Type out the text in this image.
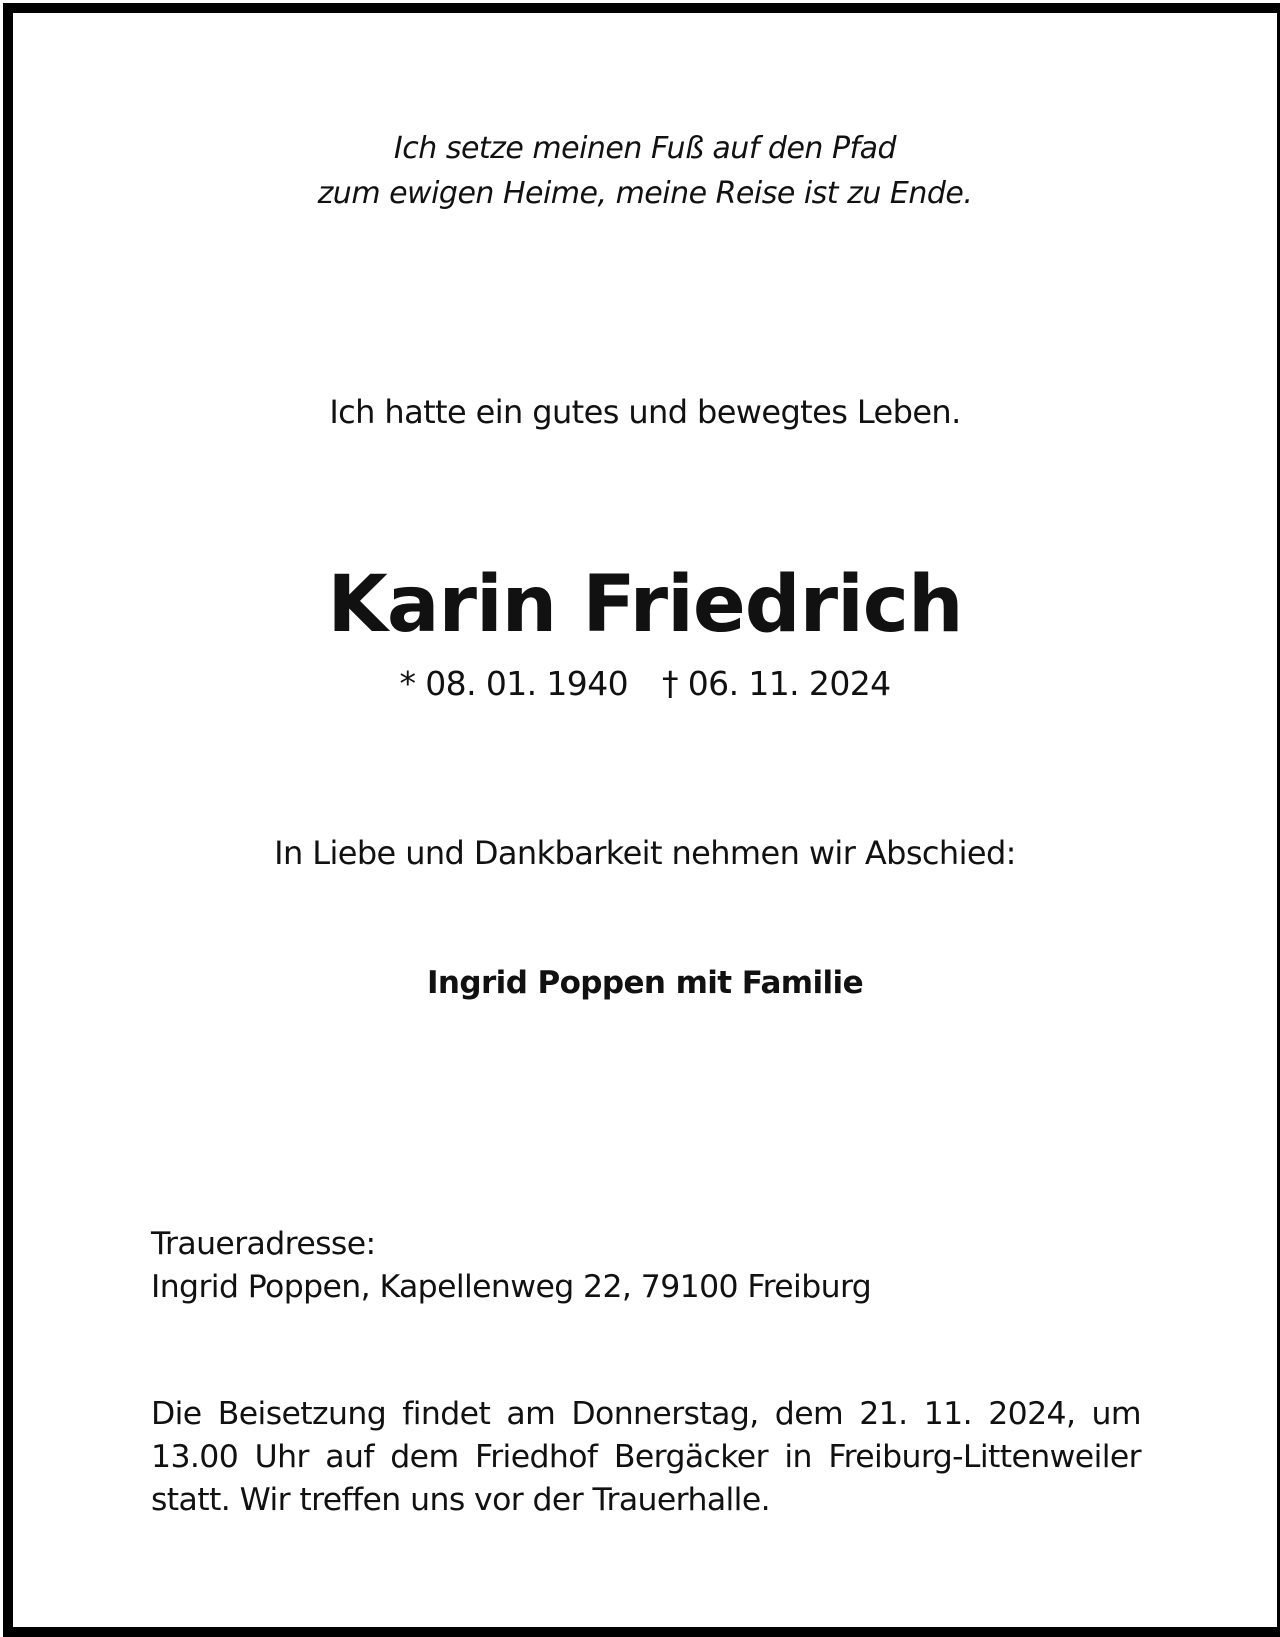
Ich setze meinen Fuß auf den Pfad
zum ewigen Heime, meine Reise ist zu Ende.
Ich hatte ein gutes und bewegtes Leben.
Karin Friedrich
* 08. 01. 1940 † 06. 11. 2024
In Liebe und Dankbarkeit nehmen wir Abschied:
Ingrid Poppen mit Familie
Traueradresse:
Ingrid Poppen, Kapellenweg 22, 79100 Freiburg
Die Beisetzung findet am Donnerstag, dem 21. 11. 2024, um
13.00 Uhr auf dem Friedhof Bergäcker in Freiburg-Littenweiler
statt. Wir treffen uns vor der Trauerhalle.
